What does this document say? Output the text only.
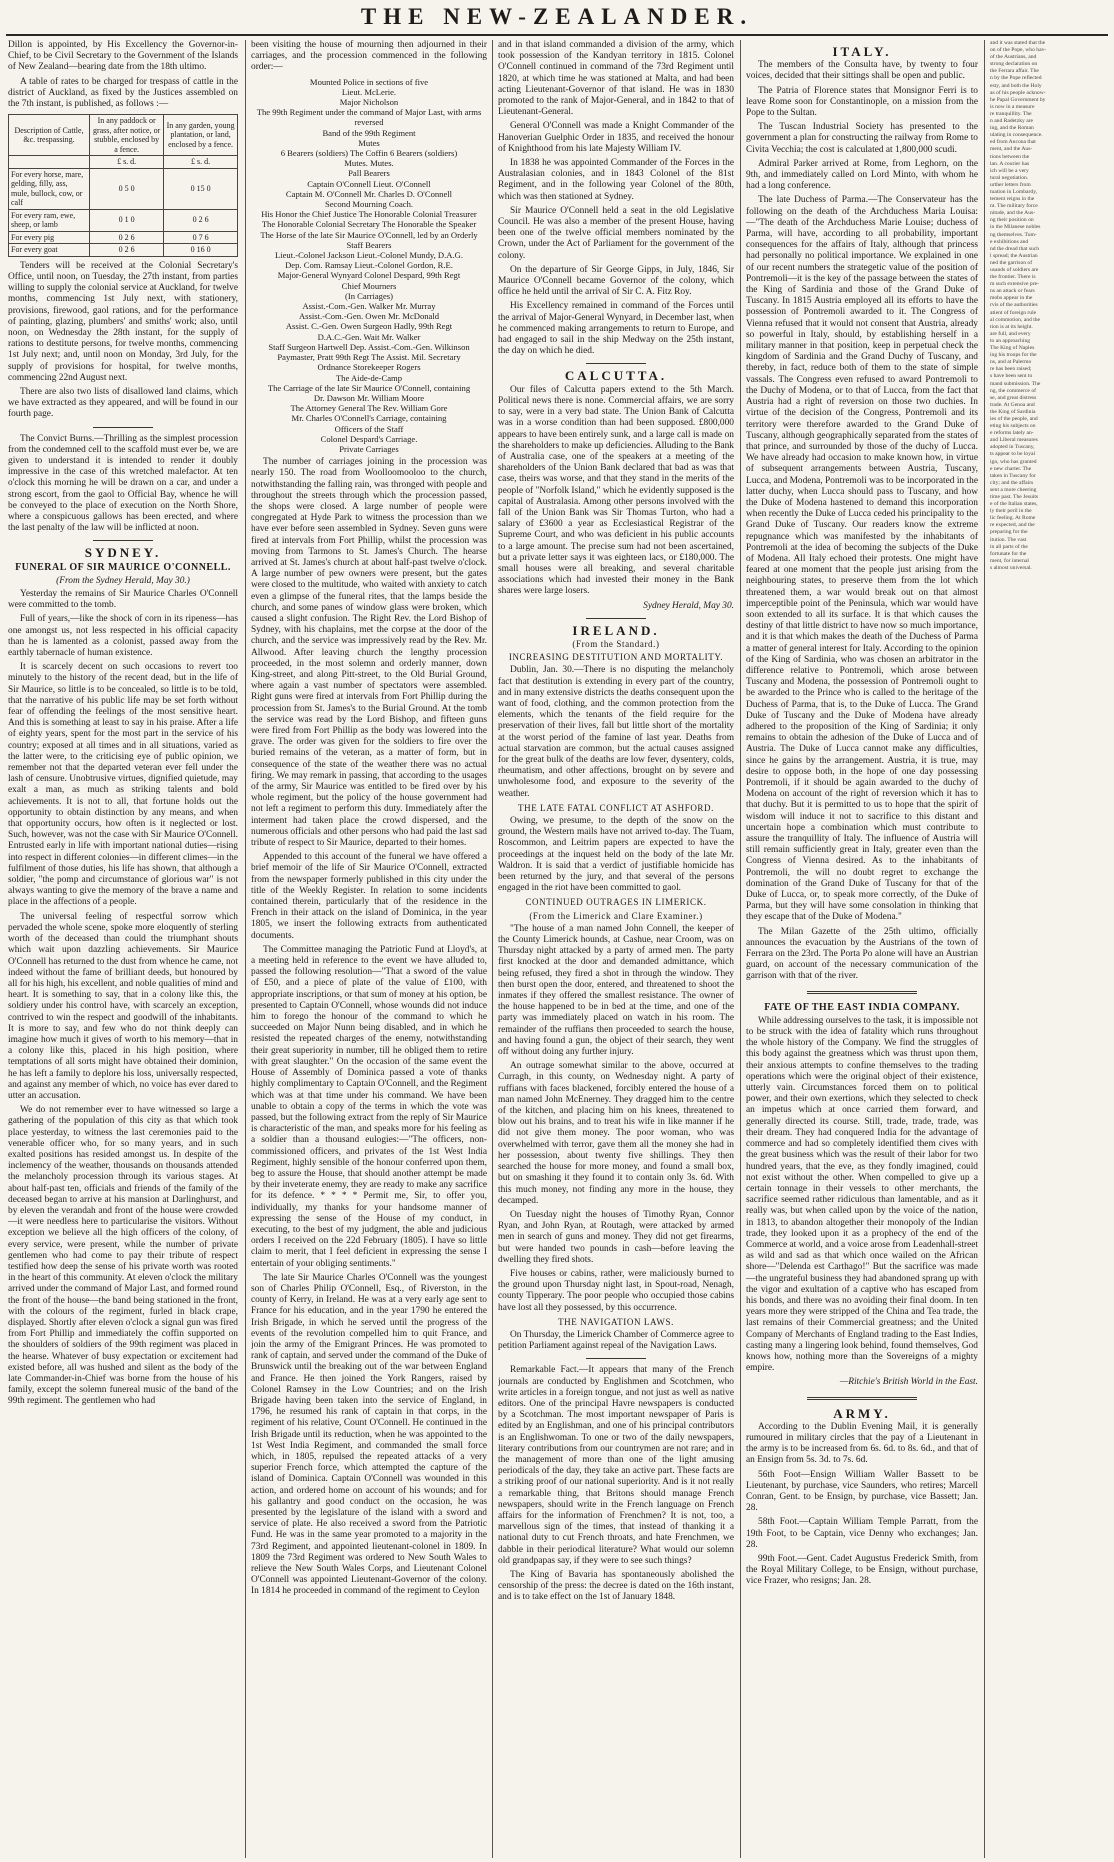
THE NEW-ZEALANDER.

Dillon is appointed, by His Excellency the Governor-in-Chief, to be Civil Secretary to the Government of the Islands of New Zealand—bearing date from the 18th ultimo.

A table of rates to be charged for trespass of cattle in the district of Auckland, as fixed by the Justices assembled on the 7th instant, is published, as follows :—

Description of Cattle, &c. trespassing.	In any paddock or grass, after notice, or stubble, enclosed by a fence.	In any garden, young plantation, or land, enclosed by a fence.
	£ s. d.	£ s. d.
For every horse, mare, gelding, filly, ass, mule, bullock, cow, or calf	0 5 0	0 15 0
For every ram, ewe, sheep, or lamb	0 1 0	0 2 6
For every pig	0 2 6	0 7 6
For every goat	0 2 6	0 16 0

Tenders will be received at the Colonial Secretary's Office, until noon, on Tuesday, the 27th instant, from parties willing to supply the colonial service at Auckland, for twelve months, commencing 1st July next, with stationery, provisions, firewood, gaol rations, and for the performance of painting, glazing, plumbers' and smiths' work; also, until noon, on Wednesday the 28th instant, for the supply of rations to destitute persons, for twelve months, commencing 1st July next; and, until noon on Monday, 3rd July, for the supply of provisions for hospital, for twelve months, commencing 22nd August next.

There are also two lists of disallowed land claims, which we have extracted as they appeared, and will be found in our fourth page.

The Convict Burns.—Thrilling as the simplest procession from the condemned cell to the scaffold must ever be, we are given to understand it is intended to render it doubly impressive in the case of this wretched malefactor. At ten o'clock this morning he will be drawn on a car, and under a strong escort, from the gaol to Official Bay, whence he will be conveyed to the place of execution on the North Shore, where a conspicuous gallows has been erected, and where the last penalty of the law will be inflicted at noon.

SYDNEY.
FUNERAL OF SIR MAURICE O'CONNELL.
(From the Sydney Herald, May 30.)

Yesterday the remains of Sir Maurice Charles O'Connell were committed to the tomb.

Full of years,—like the shock of corn in its ripeness—has one amongst us, not less respected in his official capacity than he is lamented as a colonist, passed away from the earthly tabernacle of human existence.

It is scarcely decent on such occasions to revert too minutely to the history of the recent dead, but in the life of Sir Maurice, so little is to be concealed, so little is to be told, that the narrative of his public life may be set forth without fear of offending the feelings of the most sensitive heart. And this is something at least to say in his praise. After a life of eighty years, spent for the most part in the service of his country; exposed at all times and in all situations, varied as the latter were, to the criticising eye of public opinion, we remember not that the departed veteran ever fell under the lash of censure. Unobtrusive virtues, dignified quietude, may exalt a man, as much as striking talents and bold achievements. It is not to all, that fortune holds out the opportunity to obtain distinction by any means, and when that opportunity occurs, how often is it neglected or lost. Such, however, was not the case with Sir Maurice O'Connell. Entrusted early in life with important national duties—rising into respect in different colonies—in different climes—in the fulfilment of those duties, his life has shown, that although a soldier, "the pomp and circumstance of glorious war" is not always wanting to give the memory of the brave a name and place in the affections of a people.

The universal feeling of respectful sorrow which pervaded the whole scene, spoke more eloquently of sterling worth of the deceased than could the triumphant shouts which wait upon dazzling achievements. Sir Maurice O'Connell has returned to the dust from whence he came, not indeed without the fame of brilliant deeds, but honoured by all for his high, his excellent, and noble qualities of mind and heart. It is something to say, that in a colony like this, the soldiery under his control have, with scarcely an exception, contrived to win the respect and goodwill of the inhabitants. It is more to say, and few who do not think deeply can imagine how much it gives of worth to his memory—that in a colony like this, placed in his high position, where temptations of all sorts might have obtained their dominion, he has left a family to deplore his loss, universally respected, and against any member of which, no voice has ever dared to utter an accusation.

We do not remember ever to have witnessed so large a gathering of the population of this city as that which took place yesterday, to witness the last ceremonies paid to the venerable officer who, for so many years, and in such exalted positions has resided amongst us. In despite of the inclemency of the weather, thousands on thousands attended the melancholy procession through its various stages. At about half-past ten, officials and friends of the family of the deceased began to arrive at his mansion at Darlinghurst, and by eleven the verandah and front of the house were crowded—it were needless here to particularise the visitors. Without exception we believe all the high officers of the colony, of every service, were present, while the number of private gentlemen who had come to pay their tribute of respect testified how deep the sense of his private worth was rooted in the heart of this community. At eleven o'clock the military arrived under the command of Major Last, and formed round the front of the house—the band being stationed in the front, with the colours of the regiment, furled in black crape, displayed. Shortly after eleven o'clock a signal gun was fired from Fort Phillip and immediately the coffin supported on the shoulders of soldiers of the 99th regiment was placed in the hearse. Whatever of busy expectation or excitement had existed before, all was hushed and silent as the body of the late Commander-in-Chief was borne from the house of his family, except the solemn funereal music of the band of the 99th regiment. The gentlemen who had

been visiting the house of mourning then adjourned in their carriages, and the procession commenced in the following order:—

Mounted Police in sections of five
Lieut. McLerie.
Major Nicholson
The 99th Regiment under the command of Major Last, with arms reversed
Band of the 99th Regiment
Mutes
6 Bearers (soldiers) The Coffin 6 Bearers (soldiers)
Mutes. Mutes.
Pall Bearers
Captain O'Connell Lieut. O'Connell
Captain M. O'Connell Mr. Charles D. O'Connell
Second Mourning Coach.
His Honor the Chief Justice The Honorable Colonial Treasurer
The Honorable Colonial Secretary The Honorable the Speaker
The Horse of the late Sir Maurice O'Connell, led by an Orderly
Staff Bearers
Lieut.-Colonel Jackson Lieut.-Colonel Mundy, D.A.G.
Dep. Com. Ramsay Lieut.-Colonel Gordon, R.E.
Major-General Wynyard Colonel Despard, 99th Regt
Chief Mourners
(In Carriages)
Assist.-Com.-Gen. Walker Mr. Murray
Assist.-Com.-Gen. Owen Mr. McDonald
Assist. C.-Gen. Owen Surgeon Hadly, 99th Regt
D.A.C.-Gen. Wait Mr. Walker
Staff Surgeon Hartwell Dep. Assist.-Com.-Gen. Wilkinson
Paymaster, Pratt 99th Regt The Assist. Mil. Secretary
Ordnance Storekeeper Rogers
The Aide-de-Camp
The Carriage of the late Sir Maurice O'Connell, containing
Dr. Dawson Mr. William Moore
The Attorney General The Rev. William Gore
Mr. Charles O'Connell's Carriage, containing
Officers of the Staff
Colonel Despard's Carriage.
Private Carriages

The number of carriages joining in the procession was nearly 150. The road from Woolloomooloo to the church, notwithstanding the falling rain, was thronged with people and throughout the streets through which the procession passed, the shops were closed. A large number of people were congregated at Hyde Park to witness the procession than we have ever before seen assembled in Sydney. Seven guns were fired at intervals from Fort Phillip, whilst the procession was moving from Tarmons to St. James's Church. The hearse arrived at St. James's church at about half-past twelve o'clock. A large number of pew owners were present, but the gates were closed to the multitude, who waited with anxiety to catch even a glimpse of the funeral rites, that the lamps beside the church, and some panes of window glass were broken, which caused a slight confusion. The Right Rev. the Lord Bishop of Sydney, with his chaplains, met the corpse at the door of the church, and the service was impressively read by the Rev. Mr. Allwood. After leaving church the lengthy procession proceeded, in the most solemn and orderly manner, down King-street, and along Pitt-street, to the Old Burial Ground, where again a vast number of spectators were assembled. Right guns were fired at intervals from Fort Phillip during the procession from St. James's to the Burial Ground. At the tomb the service was read by the Lord Bishop, and fifteen guns were fired from Fort Phillip as the body was lowered into the grave. The order was given for the soldiers to fire over the buried remains of the veteran, as a matter of form, but in consequence of the state of the weather there was no actual firing. We may remark in passing, that according to the usages of the army, Sir Maurice was entitled to be fired over by his whole regiment, but the policy of the house government had not left a regiment to perform this duty. Immediately after the interment had taken place the crowd dispersed, and the numerous officials and other persons who had paid the last sad tribute of respect to Sir Maurice, departed to their homes.

Appended to this account of the funeral we have offered a brief memoir of the life of Sir Maurice O'Connell, extracted from the newspaper formerly published in this city under the title of the Weekly Register. In relation to some incidents contained therein, particularly that of the residence in the French in their attack on the island of Dominica, in the year 1805, we insert the following extracts from authenticated documents.

The Committee managing the Patriotic Fund at Lloyd's, at a meeting held in reference to the event we have alluded to, passed the following resolution—"That a sword of the value of £50, and a piece of plate of the value of £100, with appropriate inscriptions, or that sum of money at his option, be presented to Captain O'Connell, whose wounds did not induce him to forego the honour of the command to which he succeeded on Major Nunn being disabled, and in which he resisted the repeated charges of the enemy, notwithstanding their great superiority in number, till he obliged them to retire with great slaughter." On the occasion of the same event the House of Assembly of Dominica passed a vote of thanks highly complimentary to Captain O'Connell, and the Regiment which was at that time under his command. We have been unable to obtain a copy of the terms in which the vote was passed, but the following extract from the reply of Sir Maurice is characteristic of the man, and speaks more for his feeling as a soldier than a thousand eulogies:—"The officers, non-commissioned officers, and privates of the 1st West India Regiment, highly sensible of the honour conferred upon them, beg to assure the House, that should another attempt be made by their inveterate enemy, they are ready to make any sacrifice for its defence. * * * * Permit me, Sir, to offer you, individually, my thanks for your handsome manner of expressing the sense of the House of my conduct, in executing, to the best of my judgment, the able and judicious orders I received on the 22d February (1805). I have so little claim to merit, that I feel deficient in expressing the sense I entertain of your obliging sentiments."

The late Sir Maurice Charles O'Connell was the youngest son of Charles Philip O'Connell, Esq., of Riverston, in the county of Kerry, in Ireland. He was at a very early age sent to France for his education, and in the year 1790 he entered the Irish Brigade, in which he served until the progress of the events of the revolution compelled him to quit France, and join the army of the Emigrant Princes. He was promoted to rank of captain, and served under the command of the Duke of Brunswick until the breaking out of the war between England and France. He then joined the York Rangers, raised by Colonel Ramsey in the Low Countries; and on the Irish Brigade having been taken into the service of England, in 1796, he resumed his rank of captain in that corps, in the regiment of his relative, Count O'Connell. He continued in the Irish Brigade until its reduction, when he was appointed to the 1st West India Regiment, and commanded the small force which, in 1805, repulsed the repeated attacks of a very superior French force, which attempted the capture of the island of Dominica. Captain O'Connell was wounded in this action, and ordered home on account of his wounds; and for his gallantry and good conduct on the occasion, he was presented by the legislature of the island with a sword and service of plate. He also received a sword from the Patriotic Fund. He was in the same year promoted to a majority in the 73rd Regiment, and appointed lieutenant-colonel in 1809. In 1809 the 73rd Regiment was ordered to New South Wales to relieve the New South Wales Corps, and Lieutenant Colonel O'Connell was appointed Lieutenant-Governor of the colony. In 1814 he proceeded in command of the regiment to Ceylon

and in that island commanded a division of the army, which took possession of the Kandyan territory in 1815. Colonel O'Connell continued in command of the 73rd Regiment until 1820, at which time he was stationed at Malta, and had been acting Lieutenant-Governor of that island. He was in 1830 promoted to the rank of Major-General, and in 1842 to that of Lieutenant-General.

General O'Connell was made a Knight Commander of the Hanoverian Guelphic Order in 1835, and received the honour of Knighthood from his late Majesty William IV.

In 1838 he was appointed Commander of the Forces in the Australasian colonies, and in 1843 Colonel of the 81st Regiment, and in the following year Colonel of the 80th, which was then stationed at Sydney.

Sir Maurice O'Connell held a seat in the old Legislative Council. He was also a member of the present House, having been one of the twelve official members nominated by the Crown, under the Act of Parliament for the government of the colony.

On the departure of Sir George Gipps, in July, 1846, Sir Maurice O'Connell became Governor of the colony, which office he held until the arrival of Sir C. A. Fitz Roy.

His Excellency remained in command of the Forces until the arrival of Major-General Wynyard, in December last, when he commenced making arrangements to return to Europe, and had engaged to sail in the ship Medway on the 25th instant, the day on which he died.

CALCUTTA.

Our files of Calcutta papers extend to the 5th March. Political news there is none. Commercial affairs, we are sorry to say, were in a very bad state. The Union Bank of Calcutta was in a worse condition than had been supposed. £800,000 appears to have been entirely sunk, and a large call is made on the shareholders to make up deficiencies. Alluding to the Bank of Australia case, one of the speakers at a meeting of the shareholders of the Union Bank declared that bad as was that case, theirs was worse, and that they stand in the merits of the people of "Norfolk Island," which he evidently supposed is the capital of Australasia. Among other persons involved with the fall of the Union Bank was Sir Thomas Turton, who had a salary of £3600 a year as Ecclesiastical Registrar of the Supreme Court, and who was deficient in his public accounts to a large amount. The precise sum had not been ascertained, but a private letter says it was eighteen lacs, or £180,000. The small houses were all breaking, and several charitable associations which had invested their money in the Bank shares were large losers.

Sydney Herald, May 30.
IRELAND.
(From the Standard.)
INCREASING DESTITUTION AND MORTALITY.

Dublin, Jan. 30.—There is no disputing the melancholy fact that destitution is extending in every part of the country, and in many extensive districts the deaths consequent upon the want of food, clothing, and the common protection from the elements, which the tenants of the field require for the preservation of their lives, fall but little short of the mortality at the worst period of the famine of last year. Deaths from actual starvation are common, but the actual causes assigned for the great bulk of the deaths are low fever, dysentery, colds, rheumatism, and other affections, brought on by severe and unwholesome food, and exposure to the severity of the weather.

THE LATE FATAL CONFLICT AT ASHFORD.

Owing, we presume, to the depth of the snow on the ground, the Western mails have not arrived to-day. The Tuam, Roscommon, and Leitrim papers are expected to have the proceedings at the inquest held on the body of the late Mr. Waldron. It is said that a verdict of justifiable homicide has been returned by the jury, and that several of the persons engaged in the riot have been committed to gaol.

CONTINUED OUTRAGES IN LIMERICK.
(From the Limerick and Clare Examiner.)

"The house of a man named John Connell, the keeper of the County Limerick hounds, at Cashue, near Croom, was on Thursday night attacked by a party of armed men. The party first knocked at the door and demanded admittance, which being refused, they fired a shot in through the window. They then burst open the door, entered, and threatened to shoot the inmates if they offered the smallest resistance. The owner of the house happened to be in bed at the time, and one of the party was immediately placed on watch in his room. The remainder of the ruffians then proceeded to search the house, and having found a gun, the object of their search, they went off without doing any further injury.

An outrage somewhat similar to the above, occurred at Curragh, in this county, on Wednesday night. A party of ruffians with faces blackened, forcibly entered the house of a man named John McEnerney. They dragged him to the centre of the kitchen, and placing him on his knees, threatened to blow out his brains, and to treat his wife in like manner if he did not give them money. The poor woman, who was overwhelmed with terror, gave them all the money she had in her possession, about twenty five shillings. They then searched the house for more money, and found a small box, but on smashing it they found it to contain only 3s. 6d. With this much money, not finding any more in the house, they decamped.

On Tuesday night the houses of Timothy Ryan, Connor Ryan, and John Ryan, at Routagh, were attacked by armed men in search of guns and money. They did not get firearms, but were handed two pounds in cash—before leaving the dwelling they fired shots.

Five houses or cabins, rather, were maliciously burned to the ground upon Thursday night last, in Spout-road, Nenagh, county Tipperary. The poor people who occupied those cabins have lost all they possessed, by this occurrence.

THE NAVIGATION LAWS.

On Thursday, the Limerick Chamber of Commerce agree to petition Parliament against repeal of the Navigation Laws.

Remarkable Fact.—It appears that many of the French journals are conducted by Englishmen and Scotchmen, who write articles in a foreign tongue, and not just as well as native editors. One of the principal Havre newspapers is conducted by a Scotchman. The most important newspaper of Paris is edited by an Englishman, and one of his principal contributors is an Englishwoman. To one or two of the daily newspapers, literary contributions from our countrymen are not rare; and in the management of more than one of the light amusing periodicals of the day, they take an active part. These facts are a striking proof of our national superiority. And is it not really a remarkable thing, that Britons should manage French newspapers, should write in the French language on French affairs for the information of Frenchmen? It is not, too, a marvellous sign of the times, that instead of thanking it a national duty to cut French throats, and hate Frenchmen, we dabble in their periodical literature? What would our solemn old grandpapas say, if they were to see such things?

The King of Bavaria has spontaneously abolished the censorship of the press: the decree is dated on the 16th instant, and is to take effect on the 1st of January 1848.

ITALY.

The members of the Consulta have, by twenty to four voices, decided that their sittings shall be open and public.

The Patria of Florence states that Monsignor Ferri is to leave Rome soon for Constantinople, on a mission from the Pope to the Sultan.

The Tuscan Industrial Society has presented to the government a plan for constructing the railway from Rome to Civita Vecchia; the cost is calculated at 1,800,000 scudi.

Admiral Parker arrived at Rome, from Leghorn, on the 9th, and immediately called on Lord Minto, with whom he had a long conference.

The late Duchess of Parma.—The Conservateur has the following on the death of the Archduchess Maria Louisa:—"The death of the Archduchess Marie Louise; duchess of Parma, will have, according to all probability, important consequences for the affairs of Italy, although that princess had personally no political importance. We explained in one of our recent numbers the strategetic value of the position of Pontremoli—it is the key of the passage between the states of the King of Sardinia and those of the Grand Duke of Tuscany. In 1815 Austria employed all its efforts to have the possession of Pontremoli awarded to it. The Congress of Vienna refused that it would not consent that Austria, already so powerful in Italy, should, by establishing herself in a military manner in that position, keep in perpetual check the kingdom of Sardinia and the Grand Duchy of Tuscany, and thereby, in fact, reduce both of them to the state of simple vassals. The Congress even refused to award Pontremoli to the Duchy of Modena, or to that of Lucca, from the fact that Austria had a right of reversion on those two duchies. In virtue of the decision of the Congress, Pontremoli and its territory were therefore awarded to the Grand Duke of Tuscany, although geographically separated from the states of that prince, and surrounded by those of the duchy of Lucca. We have already had occasion to make known how, in virtue of subsequent arrangements between Austria, Tuscany, Lucca, and Modena, Pontremoli was to be incorporated in the latter duchy, when Lucca should pass to Tuscany, and how the Duke of Modena hastened to demand this incorporation when recently the Duke of Lucca ceded his principality to the Grand Duke of Tuscany. Our readers know the extreme repugnance which was manifested by the inhabitants of Pontremoli at the idea of becoming the subjects of the Duke of Modena. All Italy echoed their protests. One might have feared at one moment that the people just arising from the neighbouring states, to preserve them from the lot which threatened them, a war would break out on that almost imperceptible point of the Peninsula, which war would have soon extended to all its surface. It is that which causes the destiny of that little district to have now so much importance, and it is that which makes the death of the Duchess of Parma a matter of general interest for Italy. According to the opinion of the King of Sardinia, who was chosen an arbitrator in the difference relative to Pontremoli, which arose between Tuscany and Modena, the possession of Pontremoli ought to be awarded to the Prince who is called to the heritage of the Duchess of Parma, that is, to the Duke of Lucca. The Grand Duke of Tuscany and the Duke of Modena have already adhered to the proposition of the King of Sardinia; it only remains to obtain the adhesion of the Duke of Lucca and of Austria. The Duke of Lucca cannot make any difficulties, since he gains by the arrangement. Austria, it is true, may desire to oppose both, in the hope of one day possessing Pontremoli, if it should be again awarded to the duchy of Modena on account of the right of reversion which it has to that duchy. But it is permitted to us to hope that the spirit of wisdom will induce it not to sacrifice to this distant and uncertain hope a combination which must contribute to assure the tranquillity of Italy. The influence of Austria will still remain sufficiently great in Italy, greater even than the Congress of Vienna desired. As to the inhabitants of Pontremoli, the will no doubt regret to exchange the domination of the Grand Duke of Tuscany for that of the Duke of Lucca, or, to speak more correctly, of the Duke of Parma, but they will have some consolation in thinking that they escape that of the Duke of Modena."

The Milan Gazette of the 25th ultimo, officially announces the evacuation by the Austrians of the town of Ferrara on the 23rd. The Porta Po alone will have an Austrian guard, on account of the necessary communication of the garrison with that of the river.

FATE OF THE EAST INDIA COMPANY.

While addressing ourselves to the task, it is impossible not to be struck with the idea of fatality which runs throughout the whole history of the Company. We find the struggles of this body against the greatness which was thrust upon them, their anxious attempts to confine themselves to the trading operations which were the original object of their existence, utterly vain. Circumstances forced them on to political power, and their own exertions, which they selected to check an impetus which at once carried them forward, and generally directed its course. Still, trade, trade, trade, was their dream. They had conquered India for the advantage of commerce and had so completely identified them cives with the great business which was the result of their labor for two hundred years, that the eve, as they fondly imagined, could not exist without the other. When compelled to give up a certain tonnage in their vessels to other merchants, the sacrifice seemed rather ridiculous than lamentable, and as it really was, but when called upon by the voice of the nation, in 1813, to abandon altogether their monopoly of the Indian trade, they looked upon it as a prophecy of the end of the Commerce at world, and a voice arose from Leadenhall-street as wild and sad as that which once wailed on the African shore—"Delenda est Carthago!" But the sacrifice was made—the ungrateful business they had abandoned sprang up with the vigor and exultation of a captive who has escaped from his bonds, and there was no avoiding their final doom. In ten years more they were stripped of the China and Tea trade, the last remains of their Commercial greatness; and the United Company of Merchants of England trading to the East Indies, casting many a lingering look behind, found themselves, God knows how, nothing more than the Sovereigns of a mighty empire.

—Ritchie's British World in the East.
ARMY.

According to the Dublin Evening Mail, it is generally rumoured in military circles that the pay of a Lieutenant in the army is to be increased from 6s. 6d. to 8s. 6d., and that of an Ensign from 5s. 3d. to 7s. 6d.

56th Foot—Ensign William Waller Bassett to be Lieutenant, by purchase, vice Saunders, who retires; Marcell Conran, Gent. to be Ensign, by purchase, vice Bassett; Jan. 28.

58th Foot.—Captain William Temple Parratt, from the 19th Foot, to be Captain, vice Denny who exchanges; Jan. 28.

99th Foot.—Gent. Cadet Augustus Frederick Smith, from the Royal Military College, to be Ensign, without purchase, vice Frazer, who resigns; Jan. 28.

and it was stated that the
on of the Pope, who hav-
of the Austrians, and
strong declaration on
the Ferrara affair. The
n by the Pope reflected
esty, and both the Holy
as of his people acknow-
he Papal Government by
is now in a measure
re tranquillity. The
n and Radetzky are
ing, and the Roman
ulating in consequence.
ed from Ancona that
ment, and the Aus-
tions between the
lan. A courier has
ich will be a very
tural negotiation.
urther letters from
tuation in Lombardy,
tement reigns in the
nt. The military force
nitude, and the Aus-
ng their position on
in the Milanese nobles
ng themselves. Tum-
e exhibitions and
nd the dread that such
l spread; the Austrian
ned the garrison of
usands of soldiers are
the frontier. There is
m such extensive pre-
ns an attack or fears
mobs appear in the
rvis of the authorities
atient of foreign rule
al commotion, and the
tion is at its height.
are full, and every
to an approaching
The King of Naples
ing his troops for the
ns, and at Palermo
re has been raised;
s have been sent to
mand submission. The
ng, the commerce of
se, and great distress
trade. At Genoa and
the King of Sardinia
ies of the people, and
eting his subjects on
e reforms lately an-
and Liberal measures
adopted in Tuscany,
ts appear to be loyal
ign, who has granted
e new charter. The
taken in Tuscany for
city; and the affairs
sent a more cheering
time past. The Jesuits
e of the Italian states,
ly their peril in the
lic feeling. At Rome
re expected, and the
preparing for the
itution. The vast
in all parts of the
fortunate for the
ment, for internal
s almost universal.
